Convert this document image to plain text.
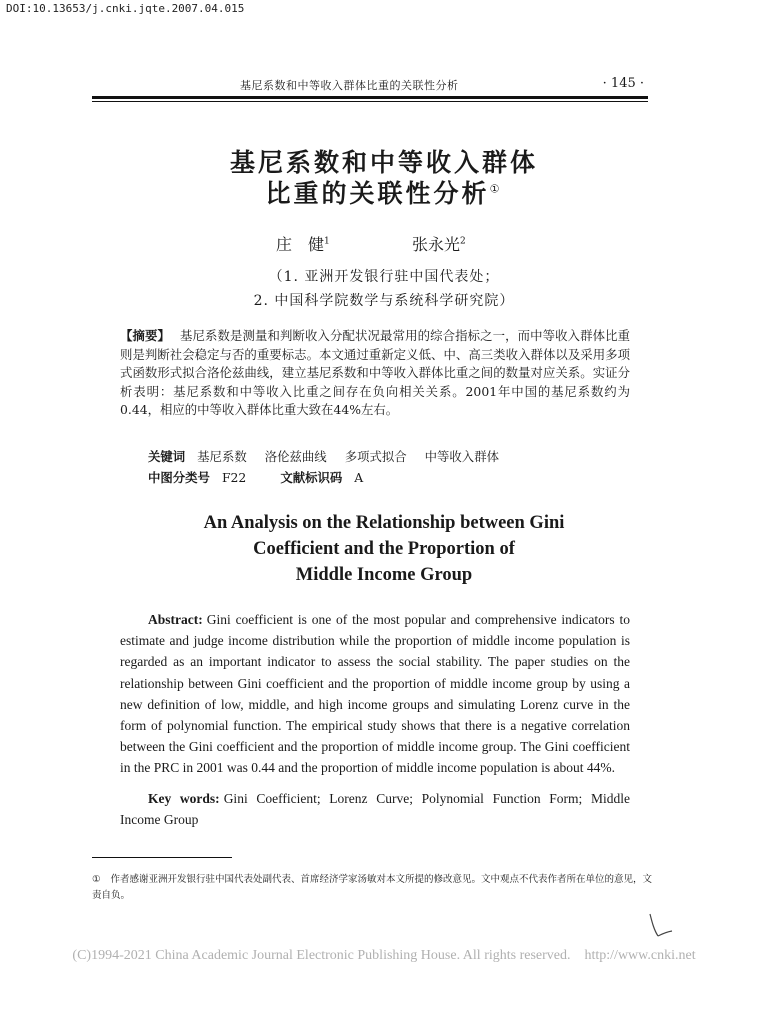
DOI:10.13653/j.cnki.jqte.2007.04.015
基尼系数和中等收入群体比重的关联性分析	· 145 ·
基尼系数和中等收入群体
比重的关联性分析①
庄　健$^1$	张永光$^2$
（1. 亚洲开发银行驻中国代表处；
2. 中国科学院数学与系统科学研究院）
【摘要】 基尼系数是测量和判断收入分配状况最常用的综合指标之一，而中等收入群体比重则是判断社会稳定与否的重要标志。本文通过重新定义低、中、高三类收入群体以及采用多项式函数形式拟合洛伦兹曲线，建立基尼系数和中等收入群体比重之间的数量对应关系。实证分析表明：基尼系数和中等收入比重之间存在负向相关关系。2001年中国的基尼系数约为0.44，相应的中等收入群体比重大致在44%左右。
关键词 基尼系数 洛伦兹曲线 多项式拟合 中等收入群体
中图分类号 F22	文献标识码 A
An Analysis on the Relationship between Gini
Coefficient and the Proportion of
Middle Income Group
Abstract: Gini coefficient is one of the most popular and comprehensive indicators to estimate and judge income distribution while the proportion of middle income population is regarded as an important indicator to assess the social stability. The paper studies on the relationship between Gini coefficient and the proportion of middle income group by using a new definition of low, middle, and high income groups and simulating Lorenz curve in the form of polynomial function. The empirical study shows that there is a negative correlation between the Gini coefficient and the proportion of middle income group. The Gini coefficient in the PRC in 2001 was 0.44 and the proportion of middle income population is about 44%.
Key words: Gini Coefficient; Lorenz Curve; Polynomial Function Form; Middle Income Group
① 作者感谢亚洲开发银行驻中国代表处副代表、首席经济学家汤敏对本文所提的修改意见。文中观点不代表作者所在单位的意见，文责自负。
(C)1994-2021 China Academic Journal Electronic Publishing House. All rights reserved. http://www.cnki.net
